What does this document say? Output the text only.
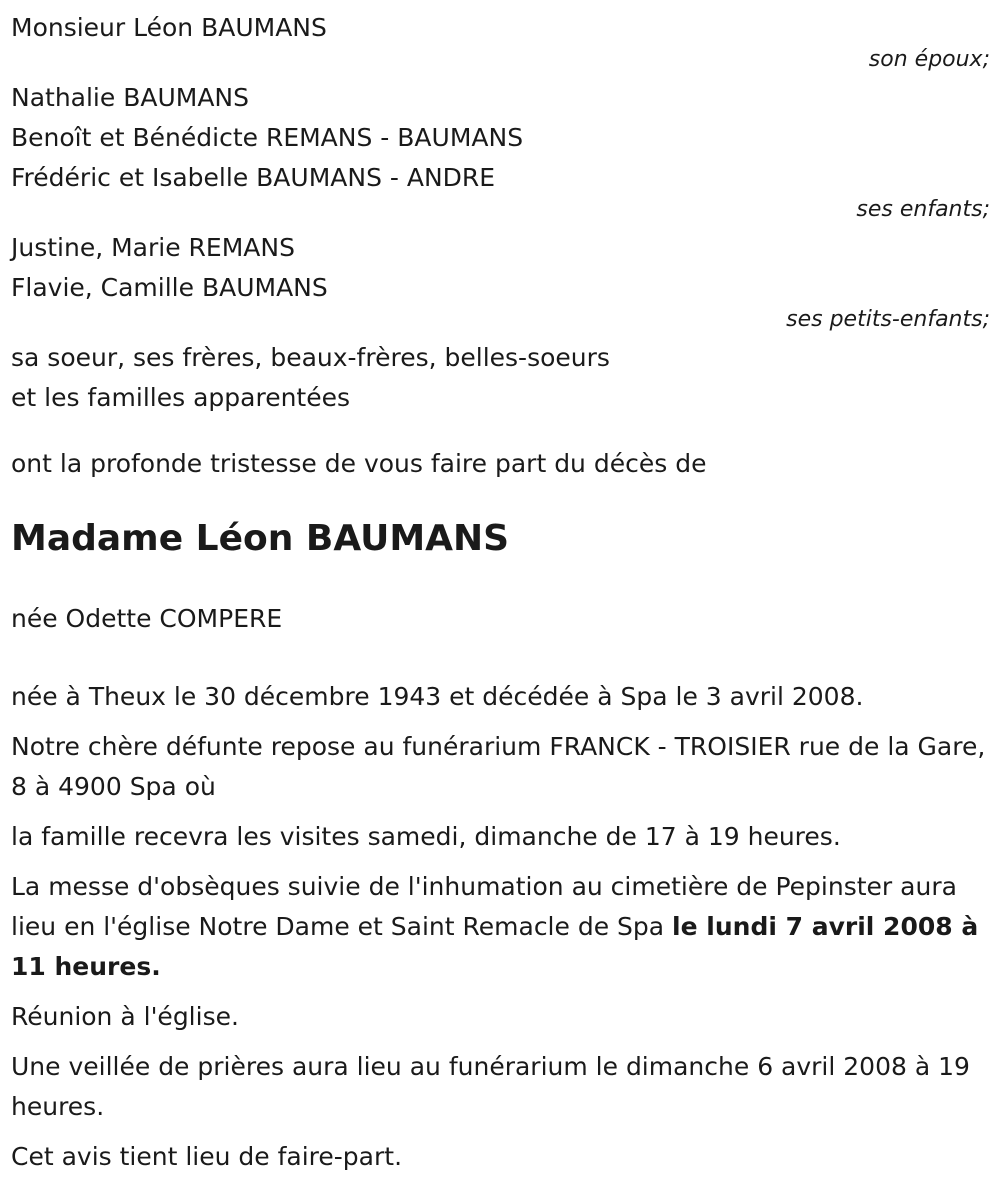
Monsieur Léon BAUMANS
son époux;
Nathalie BAUMANS
Benoît et Bénédicte REMANS - BAUMANS
Frédéric et Isabelle BAUMANS - ANDRE
ses enfants;
Justine, Marie REMANS
Flavie, Camille BAUMANS
ses petits-enfants;
sa soeur, ses frères, beaux-frères, belles-soeurs
et les familles apparentées
ont la profonde tristesse de vous faire part du décès de
Madame Léon BAUMANS
née Odette COMPERE
née à Theux le 30 décembre 1943 et décédée à Spa le 3 avril 2008.
Notre chère défunte repose au funérarium FRANCK - TROISIER rue de la Gare, 8 à 4900 Spa où
la famille recevra les visites samedi, dimanche de 17 à 19 heures.
La messe d'obsèques suivie de l'inhumation au cimetière de Pepinster aura lieu en l'église Notre Dame et Saint Remacle de Spa le lundi 7 avril 2008 à 11 heures.
Réunion à l'église.
Une veillée de prières aura lieu au funérarium le dimanche 6 avril 2008 à 19 heures.
Cet avis tient lieu de faire-part.
